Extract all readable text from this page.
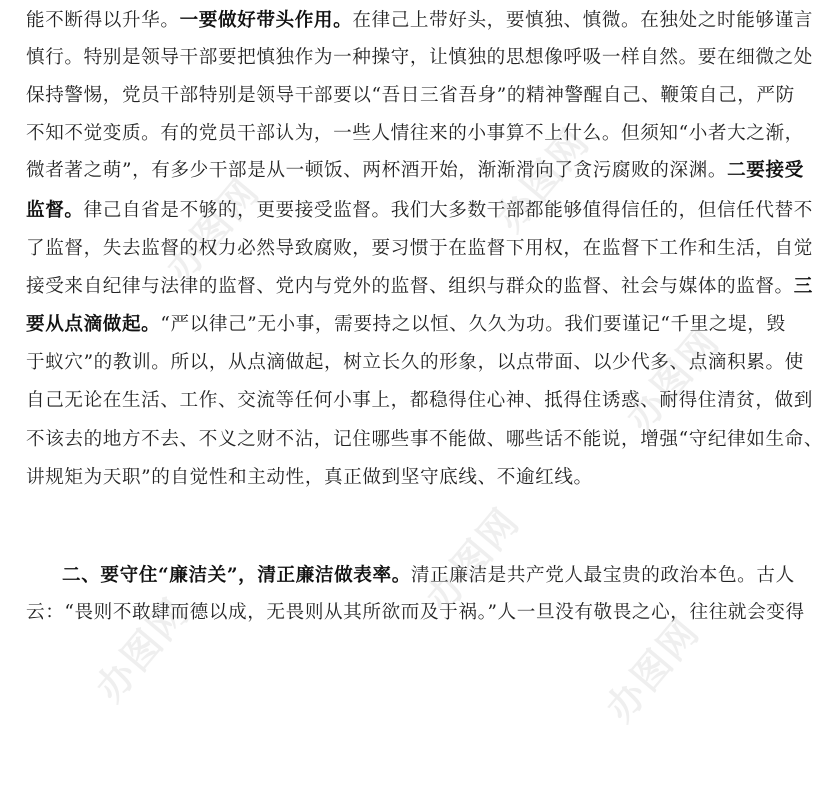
能不断得以升华。一要做好带头作用。在律己上带好头，要慎独、慎微。在独处之时能够谨言
慎行。特别是领导干部要把慎独作为一种操守，让慎独的思想像呼吸一样自然。要在细微之处
保持警惕，党员干部特别是领导干部要以“吾日三省吾身”的精神警醒自己、鞭策自己，严防
不知不觉变质。有的党员干部认为，一些人情往来的小事算不上什么。但须知“小者大之渐，
微者著之萌”，有多少干部是从一顿饭、两杯酒开始，渐渐滑向了贪污腐败的深渊。二要接受
监督。律己自省是不够的，更要接受监督。我们大多数干部都能够值得信任的，但信任代替不
了监督，失去监督的权力必然导致腐败，要习惯于在监督下用权，在监督下工作和生活，自觉
接受来自纪律与法律的监督、党内与党外的监督、组织与群众的监督、社会与媒体的监督。三
要从点滴做起。“严以律己”无小事，需要持之以恒、久久为功。我们要谨记“千里之堤，毁
于蚁穴”的教训。所以，从点滴做起，树立长久的形象，以点带面、以少代多、点滴积累。使
自己无论在生活、工作、交流等任何小事上，都稳得住心神、抵得住诱惑、耐得住清贫，做到
不该去的地方不去、不义之财不沾，记住哪些事不能做、哪些话不能说，增强“守纪律如生命、
讲规矩为天职”的自觉性和主动性，真正做到坚守底线、不逾红线。
二、要守住“廉洁关”，清正廉洁做表率。清正廉洁是共产党人最宝贵的政治本色。古人
云：“畏则不敢肆而德以成，无畏则从其所欲而及于祸。”人一旦没有敬畏之心，往往就会变得
办图网	办图网
办图网
办图网
办图网	办图网
